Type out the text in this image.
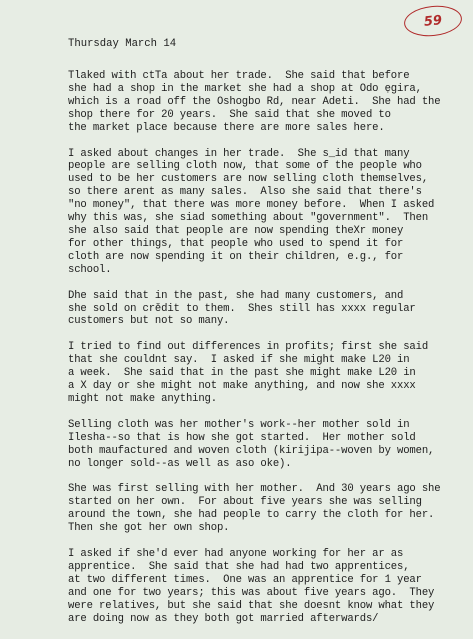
59
Thursday March 14
Tlaked with ctTa about her trade.  She said that before
she had a shop in the market she had a shop at Odo ẹgira,
which is a road off the Oshogbo Rd, near Adeti.  She had the
shop there for 20 years.  She said that she moved to
the market place because there are more sales here.
I asked about changes in her trade.  She s_id that many
people are selling cloth now, that some of the people who
used to be her customers are now selling cloth themselves,
so there arent as many sales.  Also she said that there's
"no money", that there was more money before.  When I asked
why this was, she siad something about "government".  Then
she also said that people are now spending theXr money
for other things, that people who used to spend it for
cloth are now spending it on their children, e.g., for
school.
Dhe said that in the past, she had many customers, and
she sold on crědit to them.  Shes still has xxxx regular
customers but not so many.
I tried to find out differences in profits; first she said
that she couldnt say.  I asked if she might make L20 in
a week.  She said that in the past she might make L20 in
a X day or she might not make anything, and now she xxxx
might not make anything.
Selling cloth was her mother's work--her mother sold in
Ilesha--so that is how she got started.  Her mother sold
both maufactured and woven cloth (kirijipa--woven by women,
no longer sold--as well as aso oke).
She was first selling with her mother.  And 30 years ago she
started on her own.  For about five years she was selling
around the town, she had people to carry the cloth for her.
Then she got her own shop.
I asked if she'd ever had anyone working for her ar as
apprentice.  She said that she had had two apprentices,
at two different times.  One was an apprentice for 1 year
and one for two years; this was about five years ago.  They
were relatives, but she said that she doesnt know what they
are doing now as they both got married afterwards/
